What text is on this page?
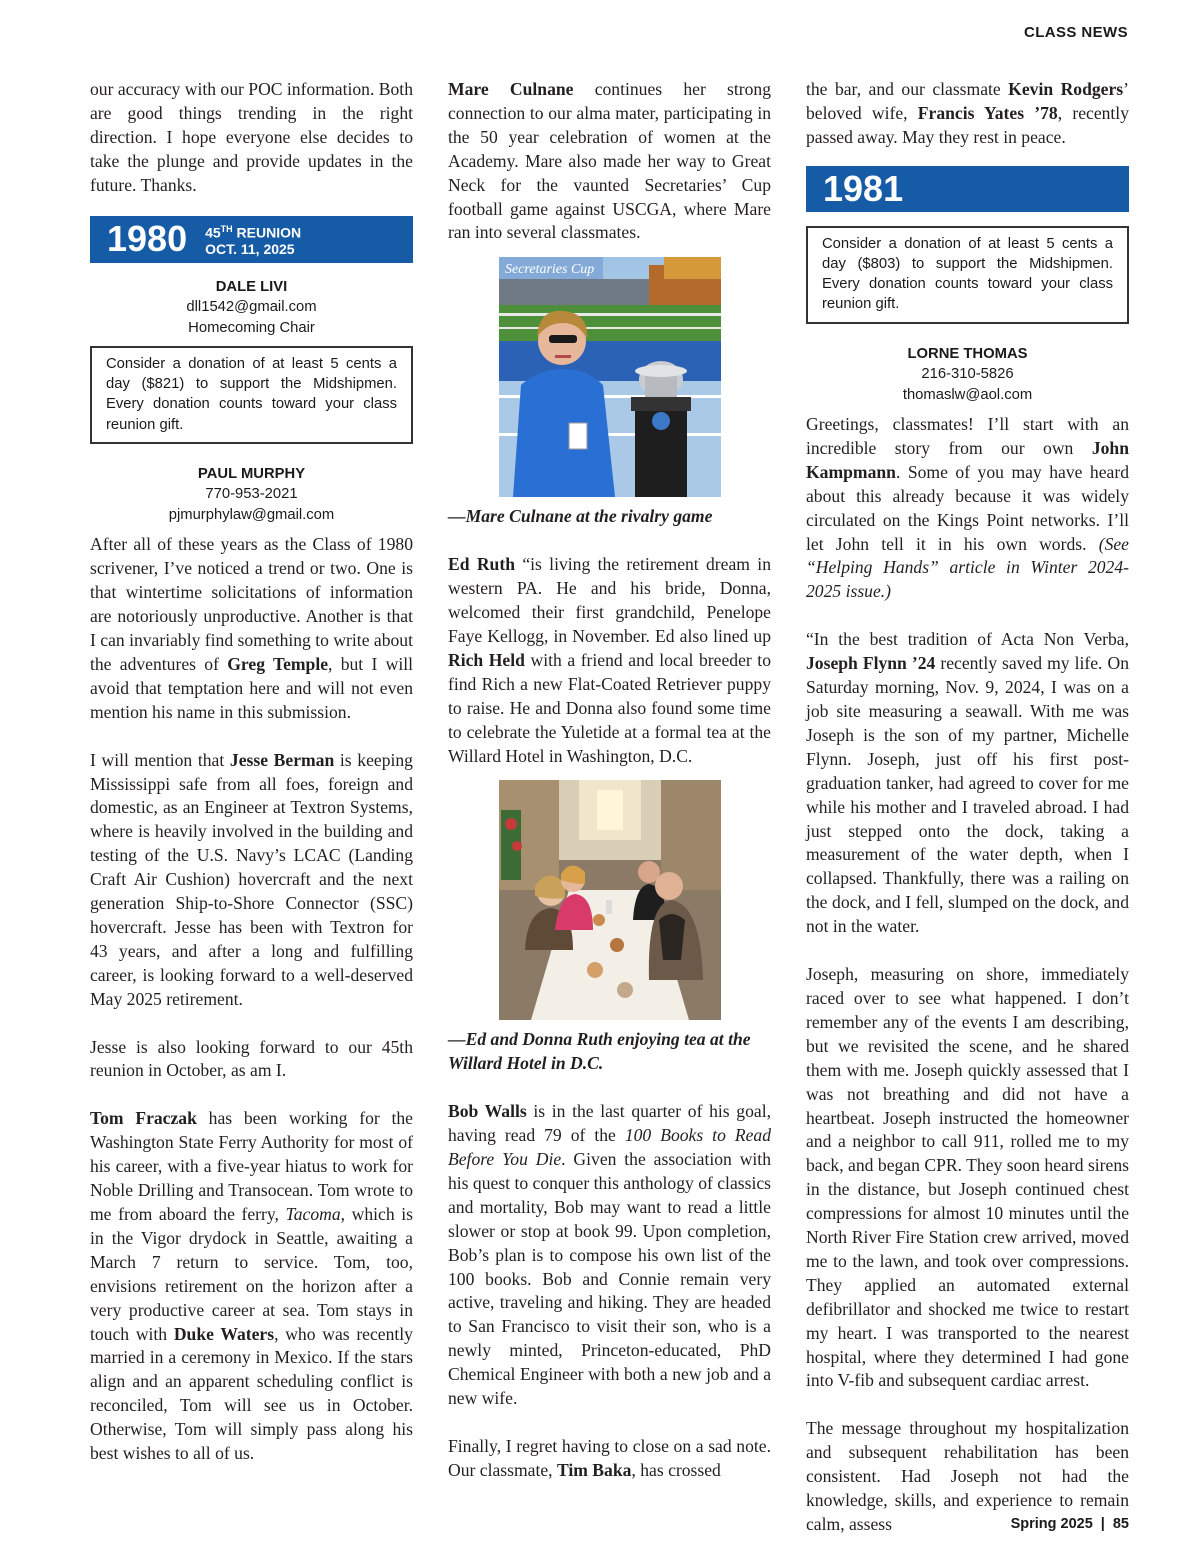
CLASS NEWS

our accuracy with our POC information. Both are good things trending in the right direction. I hope everyone else decides to take the plunge and provide updates in the future. Thanks.

1980 45TH REUNION
OCT. 11, 2025
DALE LIVI
dll1542@gmail.com
Homecoming Chair
Consider a donation of at least 5 cents a day ($821) to support the Midshipmen. Every donation counts toward your class reunion gift.
PAUL MURPHY
770-953-2021
pjmurphylaw@gmail.com

After all of these years as the Class of 1980 scrivener, I’ve noticed a trend or two. One is that wintertime solicitations of information are notoriously unproductive. Another is that I can invariably find something to write about the adventures of Greg Temple, but I will avoid that temptation here and will not even mention his name in this submission.

I will mention that Jesse Berman is keeping Mississippi safe from all foes, foreign and domestic, as an Engineer at Textron Systems, where is heavily involved in the building and testing of the U.S. Navy’s LCAC (Landing Craft Air Cushion) hovercraft and the next generation Ship-to-Shore Connector (SSC) hovercraft. Jesse has been with Textron for 43 years, and after a long and fulfilling career, is looking forward to a well-deserved May 2025 retirement.

Jesse is also looking forward to our 45th reunion in October, as am I.

Tom Fraczak has been working for the Washington State Ferry Authority for most of his career, with a five-year hiatus to work for Noble Drilling and Transocean. Tom wrote to me from aboard the ferry, Tacoma, which is in the Vigor drydock in Seattle, awaiting a March 7 return to service. Tom, too, envisions retirement on the horizon after a very productive career at sea. Tom stays in touch with Duke Waters, who was recently married in a ceremony in Mexico. If the stars align and an apparent scheduling conflict is reconciled, Tom will see us in October. Otherwise, Tom will simply pass along his best wishes to all of us.

Mare Culnane continues her strong connection to our alma mater, participating in the 50 year celebration of women at the Academy. Mare also made her way to Great Neck for the vaunted Secretaries’ Cup football game against USCGA, where Mare ran into several classmates.

Secretaries Cup
—Mare Culnane at the rivalry game

Ed Ruth “is living the retirement dream in western PA. He and his bride, Donna, welcomed their first grandchild, Penelope Faye Kellogg, in November. Ed also lined up Rich Held with a friend and local breeder to find Rich a new Flat-Coated Retriever puppy to raise. He and Donna also found some time to celebrate the Yuletide at a formal tea at the Willard Hotel in Washington, D.C.

—Ed and Donna Ruth enjoying tea at the Willard Hotel in D.C.

Bob Walls is in the last quarter of his goal, having read 79 of the 100 Books to Read Before You Die. Given the association with his quest to conquer this anthology of classics and mortality, Bob may want to read a little slower or stop at book 99. Upon completion, Bob’s plan is to compose his own list of the 100 books. Bob and Connie remain very active, traveling and hiking. They are headed to San Francisco to visit their son, who is a newly minted, Princeton-educated, PhD Chemical Engineer with both a new job and a new wife.

Finally, I regret having to close on a sad note. Our classmate, Tim Baka, has crossed

the bar, and our classmate Kevin Rodgers’ beloved wife, Francis Yates ’78, recently passed away. May they rest in peace.

1981
Consider a donation of at least 5 cents a day ($803) to support the Midshipmen. Every donation counts toward your class reunion gift.
LORNE THOMAS
216-310-5826
thomaslw@aol.com

Greetings, classmates! I’ll start with an incredible story from our own John Kampmann. Some of you may have heard about this already because it was widely circulated on the Kings Point networks. I’ll let John tell it in his own words. (See “Helping Hands” article in Winter 2024-2025 issue.)

“In the best tradition of Acta Non Verba, Joseph Flynn ’24 recently saved my life. On Saturday morning, Nov. 9, 2024, I was on a job site measuring a seawall. With me was Joseph is the son of my partner, Michelle Flynn. Joseph, just off his first post-graduation tanker, had agreed to cover for me while his mother and I traveled abroad. I had just stepped onto the dock, taking a measurement of the water depth, when I collapsed. Thankfully, there was a railing on the dock, and I fell, slumped on the dock, and not in the water.

Joseph, measuring on shore, immediately raced over to see what happened. I don’t remember any of the events I am describing, but we revisited the scene, and he shared them with me. Joseph quickly assessed that I was not breathing and did not have a heartbeat. Joseph instructed the homeowner and a neighbor to call 911, rolled me to my back, and began CPR. They soon heard sirens in the distance, but Joseph continued chest compressions for almost 10 minutes until the North River Fire Station crew arrived, moved me to the lawn, and took over compressions. They applied an automated external defibrillator and shocked me twice to restart my heart. I was transported to the nearest hospital, where they determined I had gone into V-fib and subsequent cardiac arrest.

The message throughout my hospitalization and subsequent rehabilitation has been consistent. Had Joseph not had the knowledge, skills, and experience to remain calm, assess	Spring 2025 | 85
